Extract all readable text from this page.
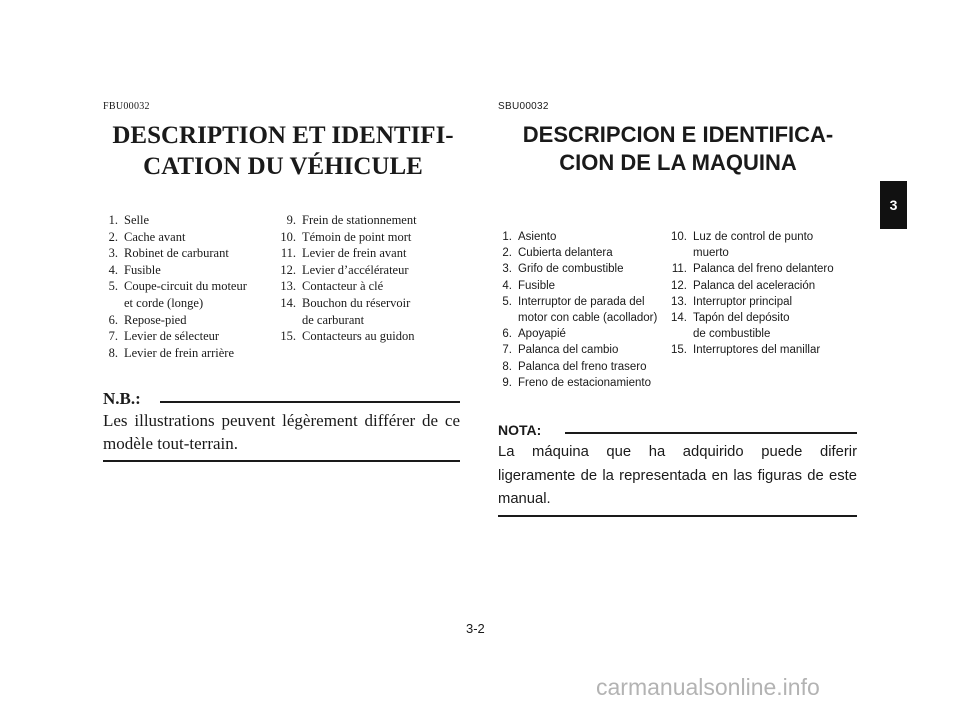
FBU00032
DESCRIPTION ET IDENTIFI-
CATION DU VÉHICULE
1. Selle
2. Cache avant
3. Robinet de carburant
4. Fusible
5. Coupe-circuit du moteur
et corde (longe)
6. Repose-pied
7. Levier de sélecteur
8. Levier de frein arrière
9. Frein de stationnement
10. Témoin de point mort
11. Levier de frein avant
12. Levier d’accélérateur
13. Contacteur à clé
14. Bouchon du réservoir
de carburant
15. Contacteurs au guidon
N.B.:

Les illustrations peuvent légèrement différer de ce modèle tout-terrain.

SBU00032
DESCRIPCION E IDENTIFICA-
CION DE LA MAQUINA
1. Asiento
2. Cubierta delantera
3. Grifo de combustible
4. Fusible
5. Interruptor de parada del
motor con cable (acollador)
6. Apoyapié
7. Palanca del cambio
8. Palanca del freno trasero
9. Freno de estacionamiento
10. Luz de control de punto
muerto
11. Palanca del freno delantero
12. Palanca del aceleración
13. Interruptor principal
14. Tapón del depósito
de combustible
15. Interruptores del manillar
NOTA:

La máquina que ha adquirido puede diferir ligeramente de la representada en las figuras de este manual.

3-2
3
carmanualsonline.info
